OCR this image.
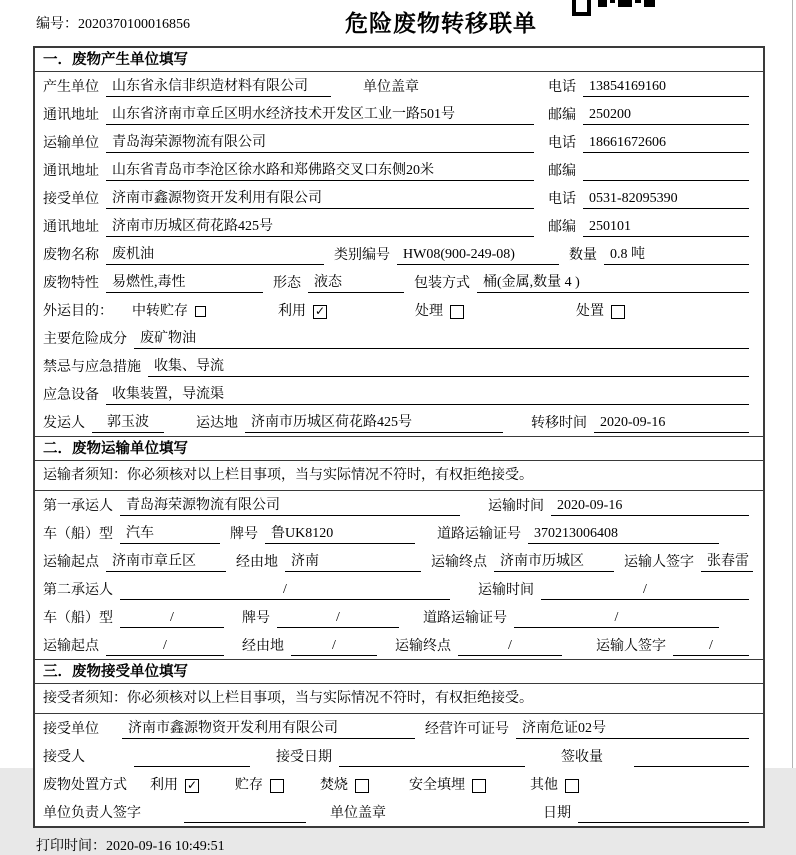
编号：2020370100016856	危险废物转移联单
一．废物产生单位填写
产生单位 山东省永信非织造材料有限公司	单位盖章	电话 13854169160
通讯地址 山东省济南市章丘区明水经济技术开发区工业一路501号	邮编 250200
运输单位 青岛海荣源物流有限公司	电话 18661672606
通讯地址 山东省青岛市李沧区徐水路和郑佛路交叉口东侧20米	邮编
接受单位 济南市鑫源物资开发利用有限公司	电话 0531-82095390
通讯地址 济南市历城区荷花路425号	邮编 250101
废物名称 废机油	类别编号 HW08(900-249-08)	数量 0.8 吨
废物特性 易燃性,毒性	形态 液态	包装方式 桶(金属,数量 4 )
外运目的： 中转贮存	利用 ✓	处理	处置
主要危险成分 废矿物油
禁忌与应急措施 收集、导流
应急设备 收集装置，导流渠
发运人	郭玉波	运达地 济南市历城区荷花路425号	转移时间 2020-09-16
二．废物运输单位填写
运输者须知：你必须核对以上栏目事项，当与实际情况不符时，有权拒绝接受。
第一承运人 青岛海荣源物流有限公司	运输时间 2020-09-16
车（船）型 汽车	牌号 鲁UK8120	道路运输证号 370213006408
运输起点 济南市章丘区	经由地 济南	运输终点 济南市历城区	运输人签字 张春雷
第二承运人	/	运输时间	/
车（船）型	/	牌号	/	道路运输证号	/
运输起点	/	经由地	/	运输终点	/	运输人签字	/
三．废物接受单位填写
接受者须知：你必须核对以上栏目事项，当与实际情况不符时，有权拒绝接受。
接受单位	济南市鑫源物资开发利用有限公司	经营许可证号 济南危证02号
接受人	接受日期	签收量
废物处置方式 利用 ✓	贮存	焚烧	安全填埋	其他
单位负责人签字	单位盖章	日期
打印时间：2020-09-16 10:49:51
